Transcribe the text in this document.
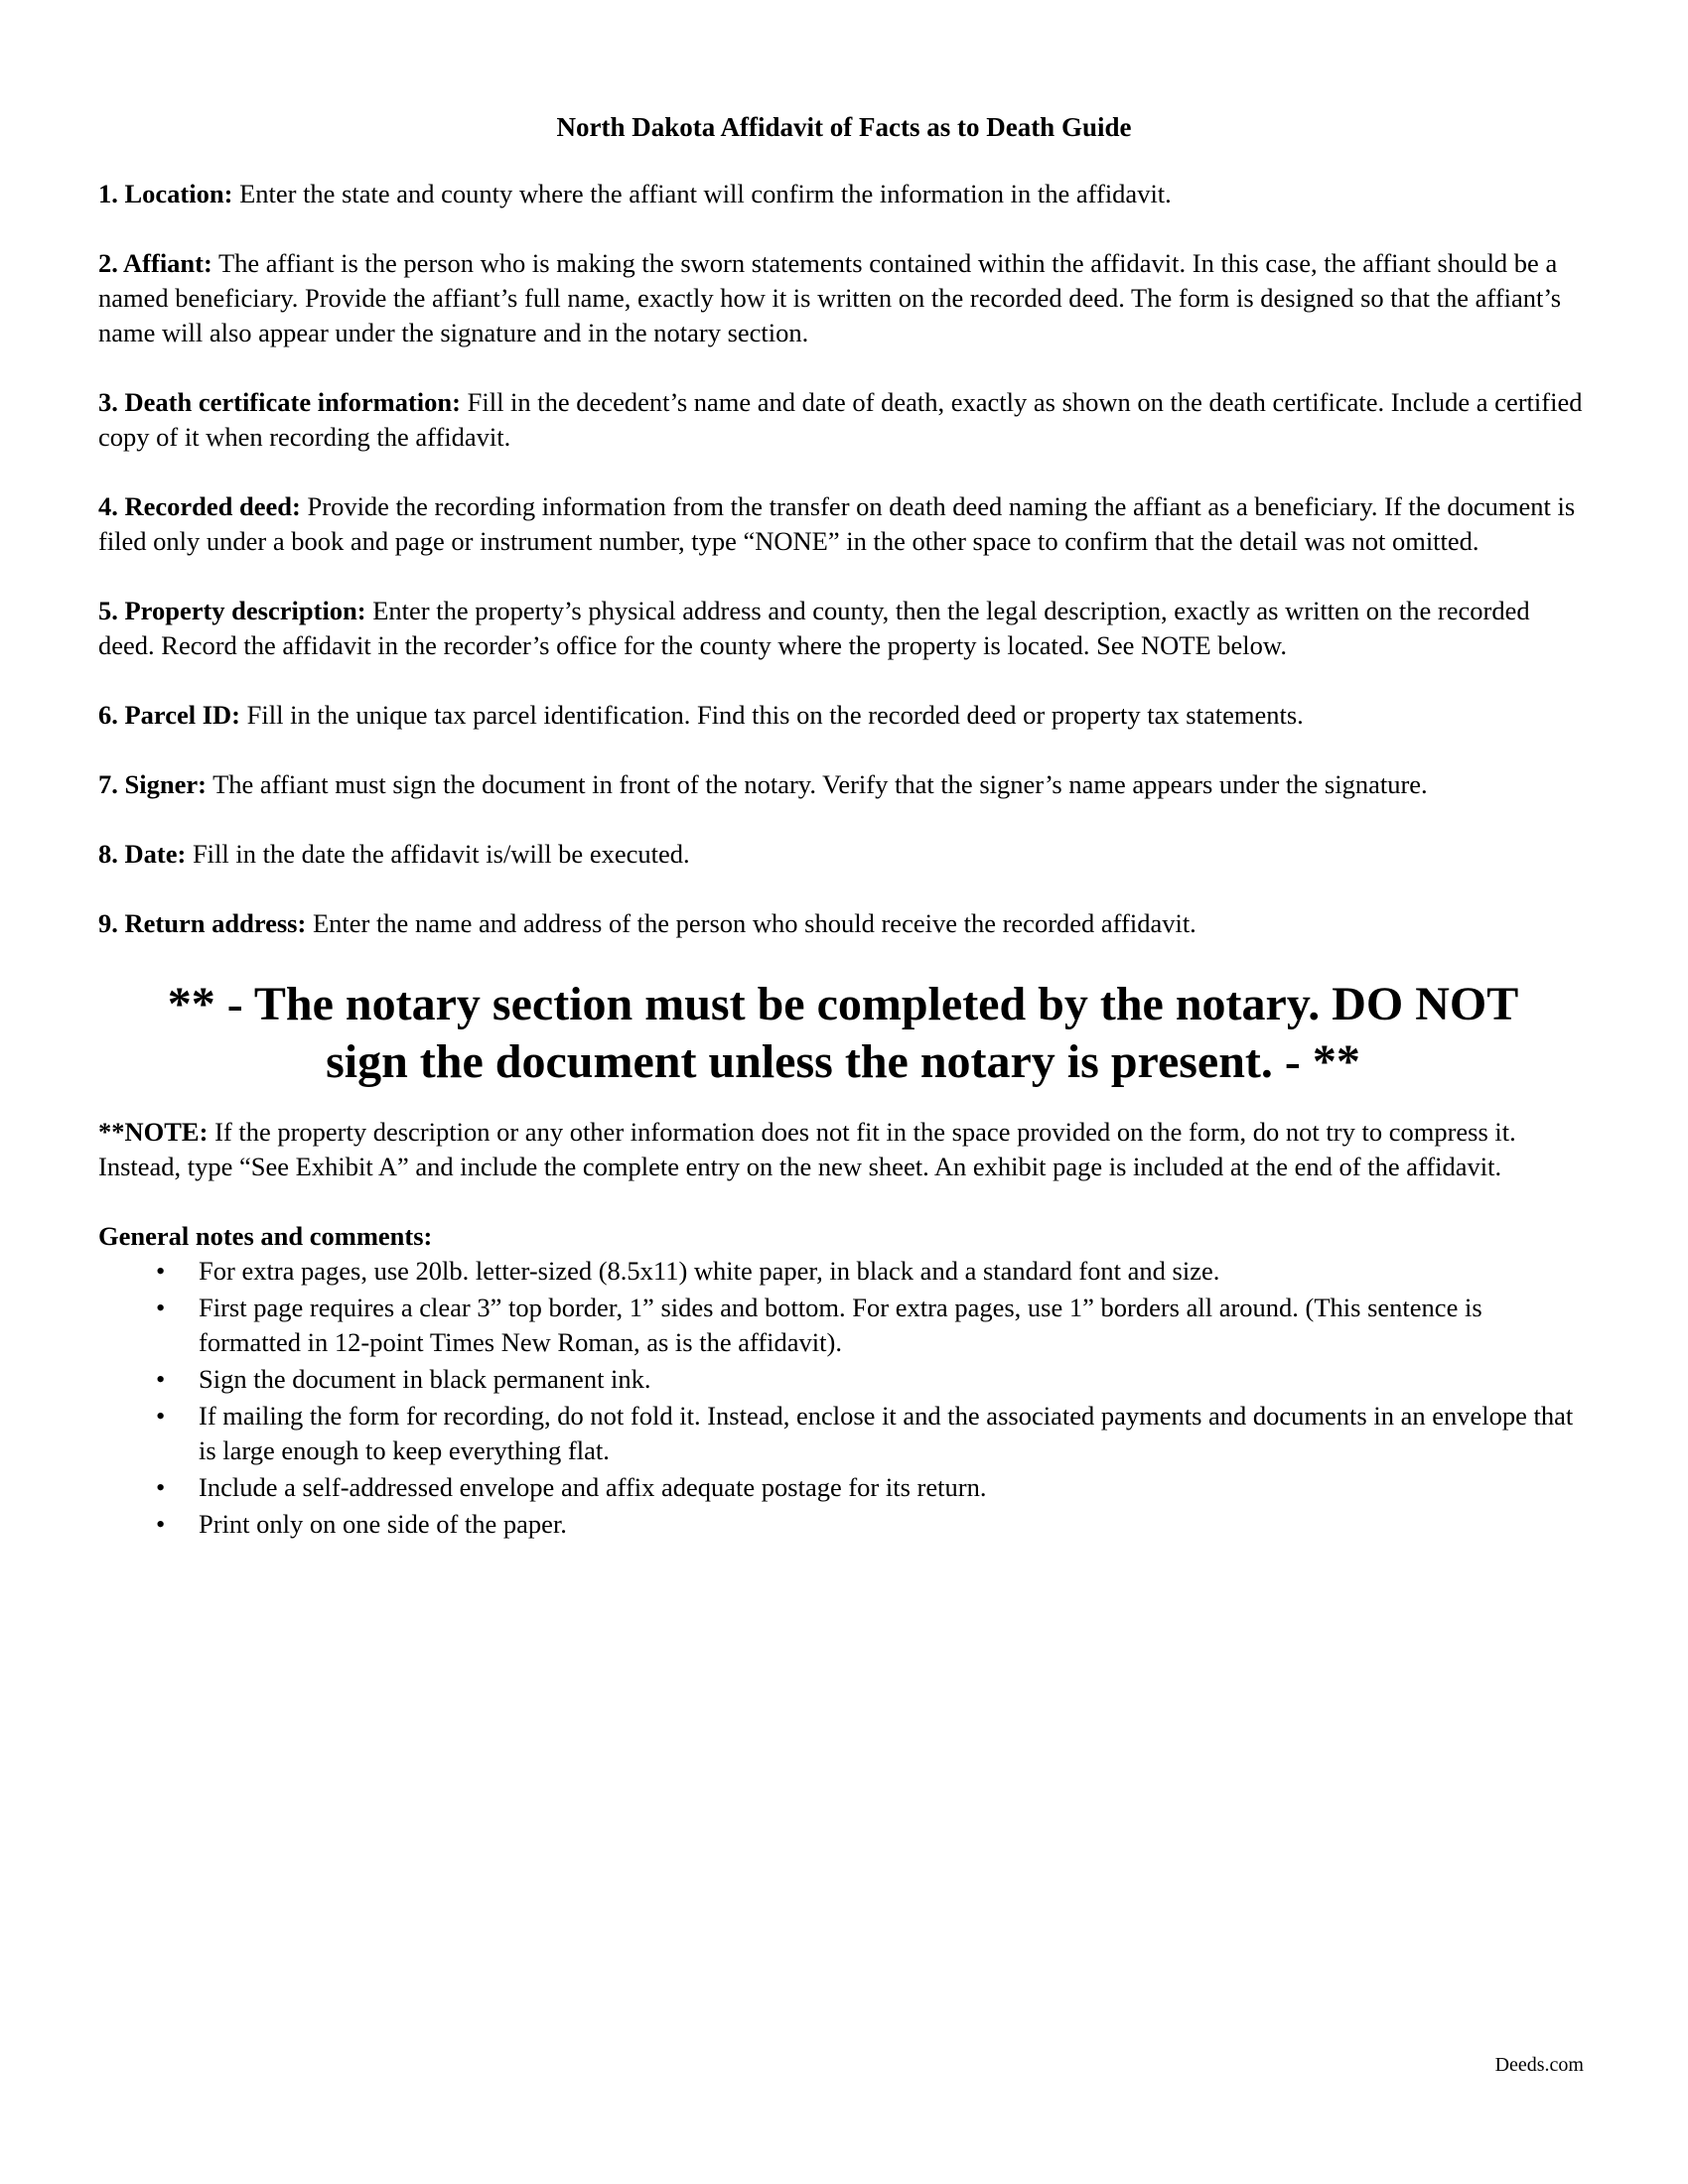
North Dakota Affidavit of Facts as to Death Guide
1. Location: Enter the state and county where the affiant will confirm the information in the affidavit.
2. Affiant: The affiant is the person who is making the sworn statements contained within the affidavit. In this case, the affiant should be a named beneficiary. Provide the affiant’s full name, exactly how it is written on the recorded deed. The form is designed so that the affiant’s name will also appear under the signature and in the notary section.
3. Death certificate information: Fill in the decedent’s name and date of death, exactly as shown on the death certificate. Include a certified copy of it when recording the affidavit.
4. Recorded deed: Provide the recording information from the transfer on death deed naming the affiant as a beneficiary. If the document is filed only under a book and page or instrument number, type “NONE” in the other space to confirm that the detail was not omitted.
5. Property description: Enter the property’s physical address and county, then the legal description, exactly as written on the recorded deed. Record the affidavit in the recorder’s office for the county where the property is located. See NOTE below.
6. Parcel ID: Fill in the unique tax parcel identification. Find this on the recorded deed or property tax statements.
7. Signer: The affiant must sign the document in front of the notary. Verify that the signer’s name appears under the signature.
8. Date: Fill in the date the affidavit is/will be executed.
9. Return address: Enter the name and address of the person who should receive the recorded affidavit.
** - The notary section must be completed by the notary. DO NOT
sign the document unless the notary is present. - **
**NOTE: If the property description or any other information does not fit in the space provided on the form, do not try to compress it. Instead, type “See Exhibit A” and include the complete entry on the new sheet. An exhibit page is included at the end of the affidavit.
General notes and comments:
• For extra pages, use 20lb. letter-sized (8.5x11) white paper, in black and a standard font and size.
• First page requires a clear 3” top border, 1” sides and bottom. For extra pages, use 1” borders all around. (This sentence is formatted in 12-point Times New Roman, as is the affidavit).
• Sign the document in black permanent ink.
• If mailing the form for recording, do not fold it. Instead, enclose it and the associated payments and documents in an envelope that is large enough to keep everything flat.
• Include a self-addressed envelope and affix adequate postage for its return.
• Print only on one side of the paper.
Deeds.com
